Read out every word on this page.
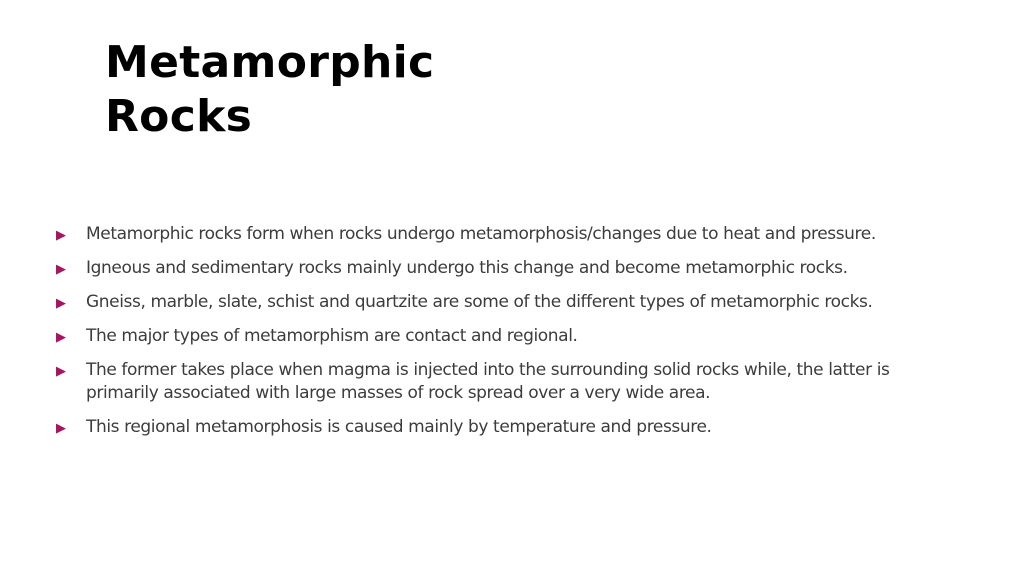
Metamorphic
Rocks
▶ Metamorphic rocks form when rocks undergo metamorphosis/changes due to heat and pressure.
▶ Igneous and sedimentary rocks mainly undergo this change and become metamorphic rocks.
▶ Gneiss, marble, slate, schist and quartzite are some of the different types of metamorphic rocks.
▶ The major types of metamorphism are contact and regional.
▶ The former takes place when magma is injected into the surrounding solid rocks while, the latter is primarily associated with large masses of rock spread over a very wide area.
▶ This regional metamorphosis is caused mainly by temperature and pressure.
